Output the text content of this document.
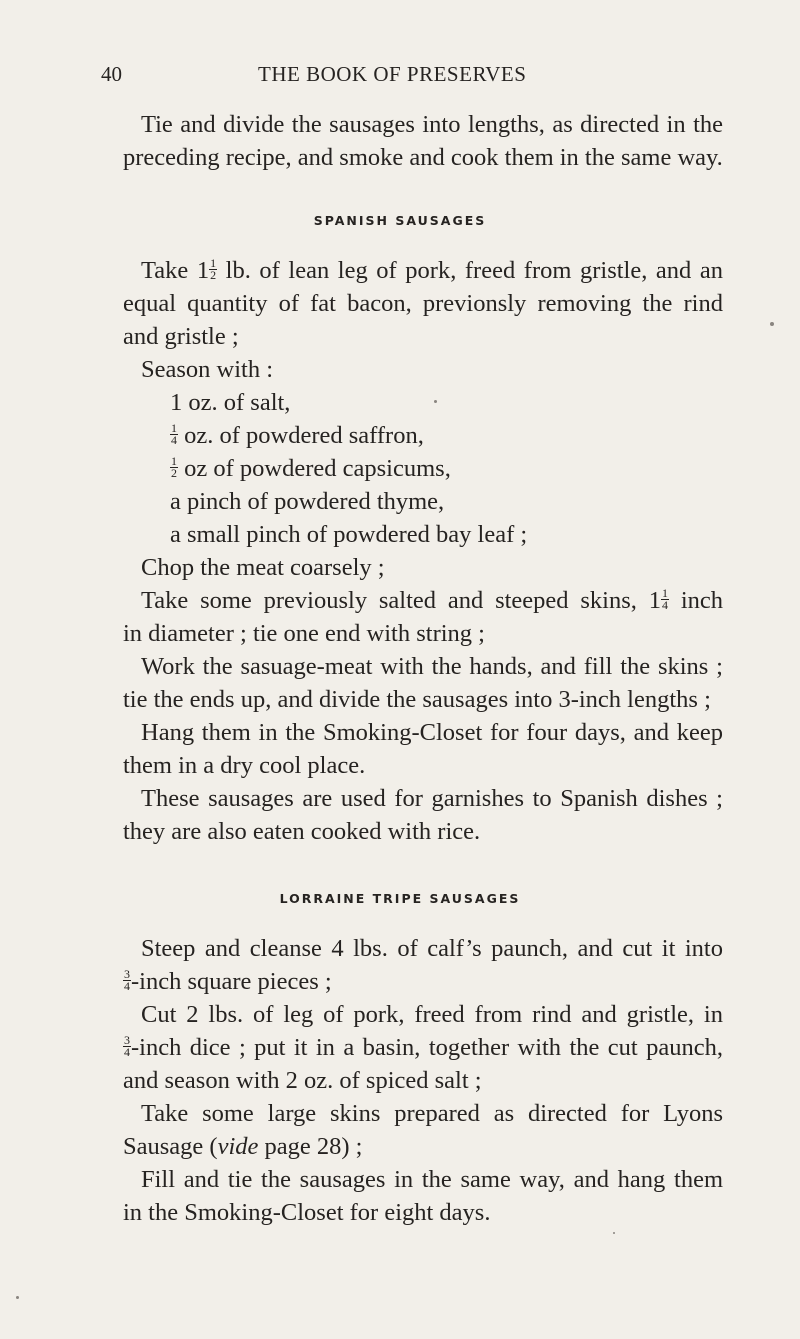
40	THE BOOK OF PRESERVES
Tie and divide the sausages into lengths, as directed in the
preceding recipe, and smoke and cook them in the same way.
SPANISH SAUSAGES
Take $1 \frac{1}{2}$ lb. of lean leg of pork, freed from gristle, and an
equal quantity of fat bacon, previonsly removing the rind
and gristle ;
Season with :
1 oz. of salt,
$\frac{1}{4}$ oz. of powdered saffron,
$\frac{1}{2}$ oz of powdered capsicums,
a pinch of powdered thyme,
a small pinch of powdered bay leaf ;
Chop the meat coarsely ;
Take some previously salted and steeped skins, $1 \frac{1}{4}$ inch
in diameter ; tie one end with string ;
Work the sasuage-meat with the hands, and fill the skins ;
tie the ends up, and divide the sausages into 3-inch lengths ;
Hang them in the Smoking-Closet for four days, and keep
them in a dry cool place.
These sausages are used for garnishes to Spanish dishes ;
they are also eaten cooked with rice.
LORRAINE TRIPE SAUSAGES
Steep and cleanse 4 lbs. of calf’s paunch, and cut it into
$\frac{3}{4}$ -inch square pieces ;
Cut 2 lbs. of leg of pork, freed from rind and gristle, in
$\frac{3}{4}$ -inch dice ; put it in a basin, together with the cut paunch,
and season with 2 oz. of spiced salt ;
Take some large skins prepared as directed for Lyons
Sausage (vide page 28) ;
Fill and tie the sausages in the same way, and hang them
in the Smoking-Closet for eight days.
